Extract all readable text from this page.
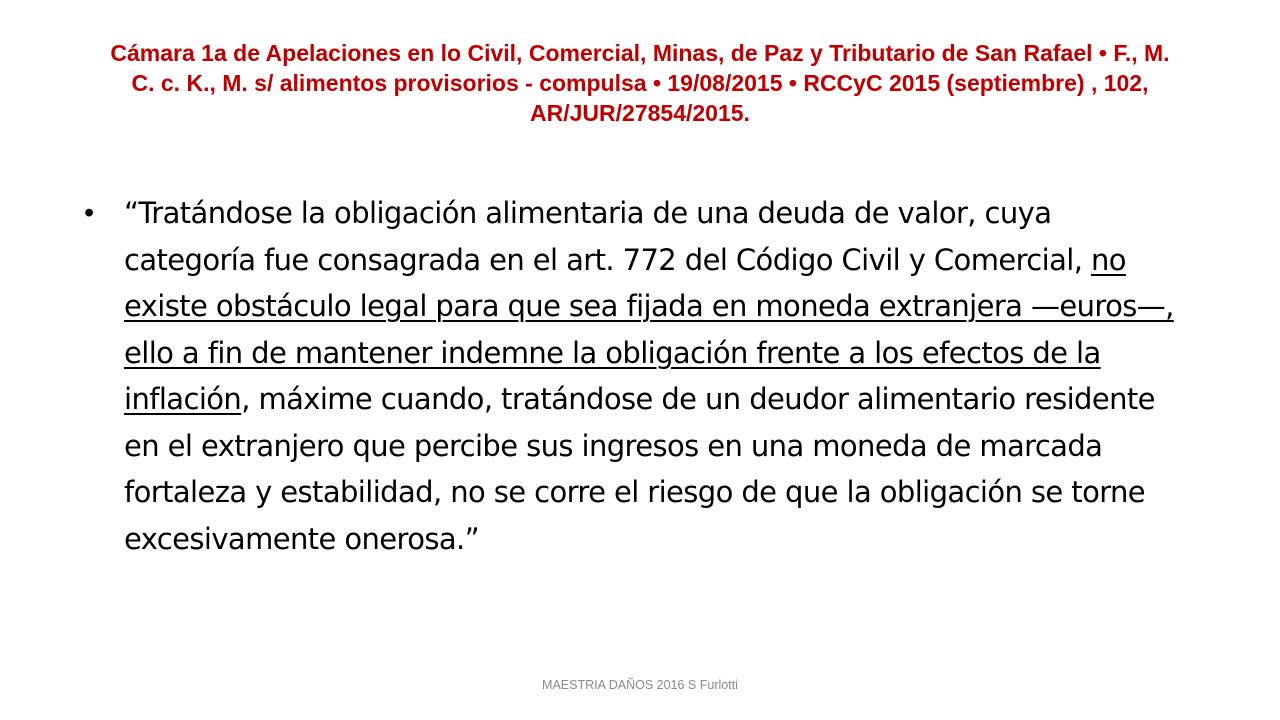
Cámara 1a de Apelaciones en lo Civil, Comercial, Minas, de Paz y Tributario de San Rafael • F., M. C. c. K., M. s/ alimentos provisorios - compulsa • 19/08/2015 • RCCyC 2015 (septiembre) , 102, AR/JUR/27854/2015.
• “Tratándose la obligación alimentaria de una deuda de valor, cuya categoría fue consagrada en el art. 772 del Código Civil y Comercial, no existe obstáculo legal para que sea fijada en moneda extranjera —euros—, ello a fin de mantener indemne la obligación frente a los efectos de la inflación, máxime cuando, tratándose de un deudor alimentario residente en el extranjero que percibe sus ingresos en una moneda de marcada fortaleza y estabilidad, no se corre el riesgo de que la obligación se torne excesivamente onerosa.”
MAESTRIA DAÑOS 2016 S Furlotti
